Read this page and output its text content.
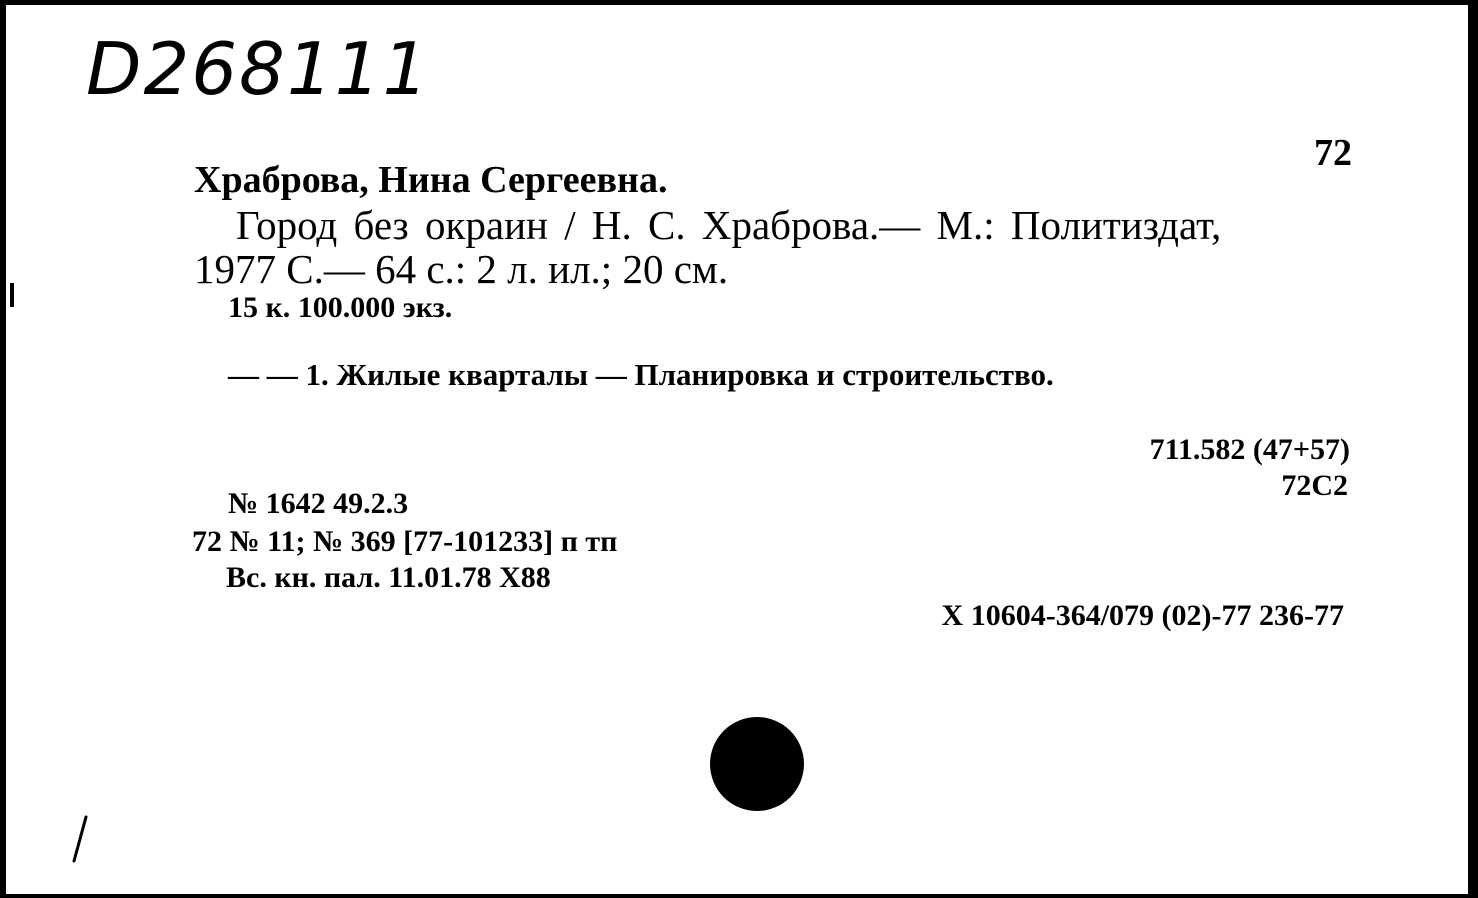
D268111
72
Храброва, Нина Сергеевна.
Город без окраин / Н. С. Храброва.— М.: Политиздат,
1977 С.— 64 с.: 2 л. ил.; 20 см.
15 к. 100.000 экз.
— — 1. Жилые кварталы — Планировка и строительство.
711.582 (47+57)
72С2
№ 1642 49.2.3
72 № 11; № 369 [77-101233] п тп
Вс. кн. пал. 11.01.78 Х88
Х 10604-364/079 (02)-77 236-77
